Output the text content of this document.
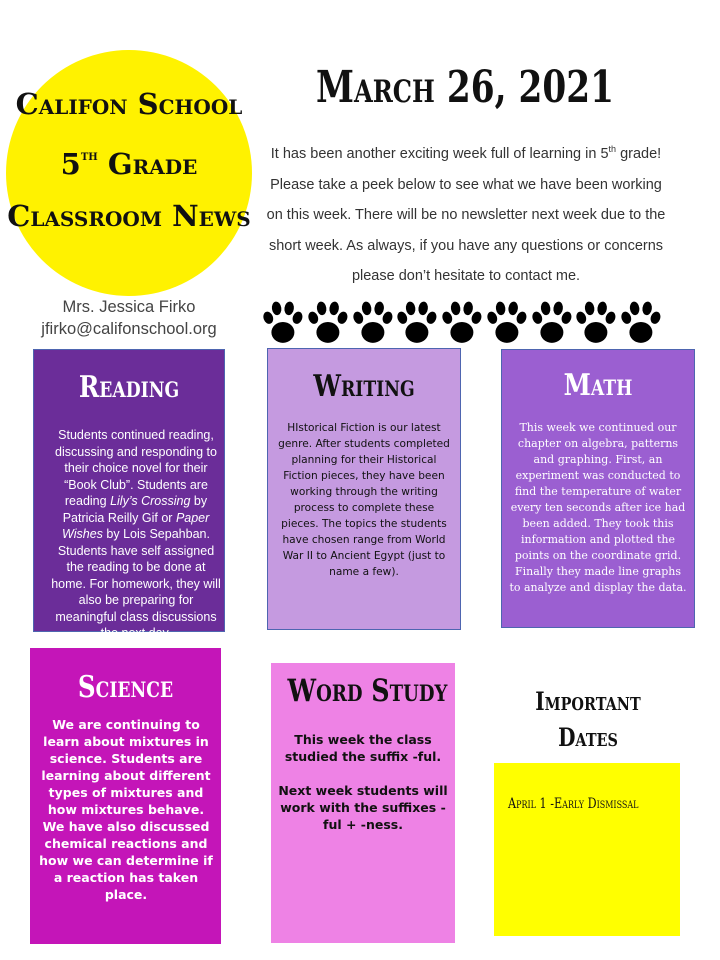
Califon School
5th Grade
Classroom News
Mrs. Jessica Firko
jfirko@califonschool.org
March 26, 2021
It has been another exciting week full of learning in 5th grade! Please take a peek below to see what we have been working on this week. There will be no newsletter next week due to the short week. As always, if you have any questions or concerns please don’t hesitate to contact me.
Reading
Students continued reading, discussing and responding to their choice novel for their “Book Club”. Students are reading Lily’s Crossing by Patricia Reilly Gif or Paper Wishes by Lois Sepahban. Students have self assigned the reading to be done at home. For homework, they will also be preparing for meaningful class discussions the next day.
Writing
HIstorical Fiction is our latest genre. After students completed planning for their Historical Fiction pieces, they have been working through the writing process to complete these pieces. The topics the students have chosen range from World War II to Ancient Egypt (just to name a few).
Math
This week we continued our chapter on algebra, patterns and graphing. First, an experiment was conducted to find the temperature of water every ten seconds after ice had been added. They took this information and plotted the points on the coordinate grid. Finally they made line graphs to analyze and display the data.
Science
We are continuing to learn about mixtures in science. Students are learning about different types of mixtures and how mixtures behave. We have also discussed chemical reactions and how we can determine if a reaction has taken place.
Word Study

This week the class studied the suffix -ful.

Next week students will work with the suffixes -ful + -ness.

Important Dates
April 1 -Early Dismissal
